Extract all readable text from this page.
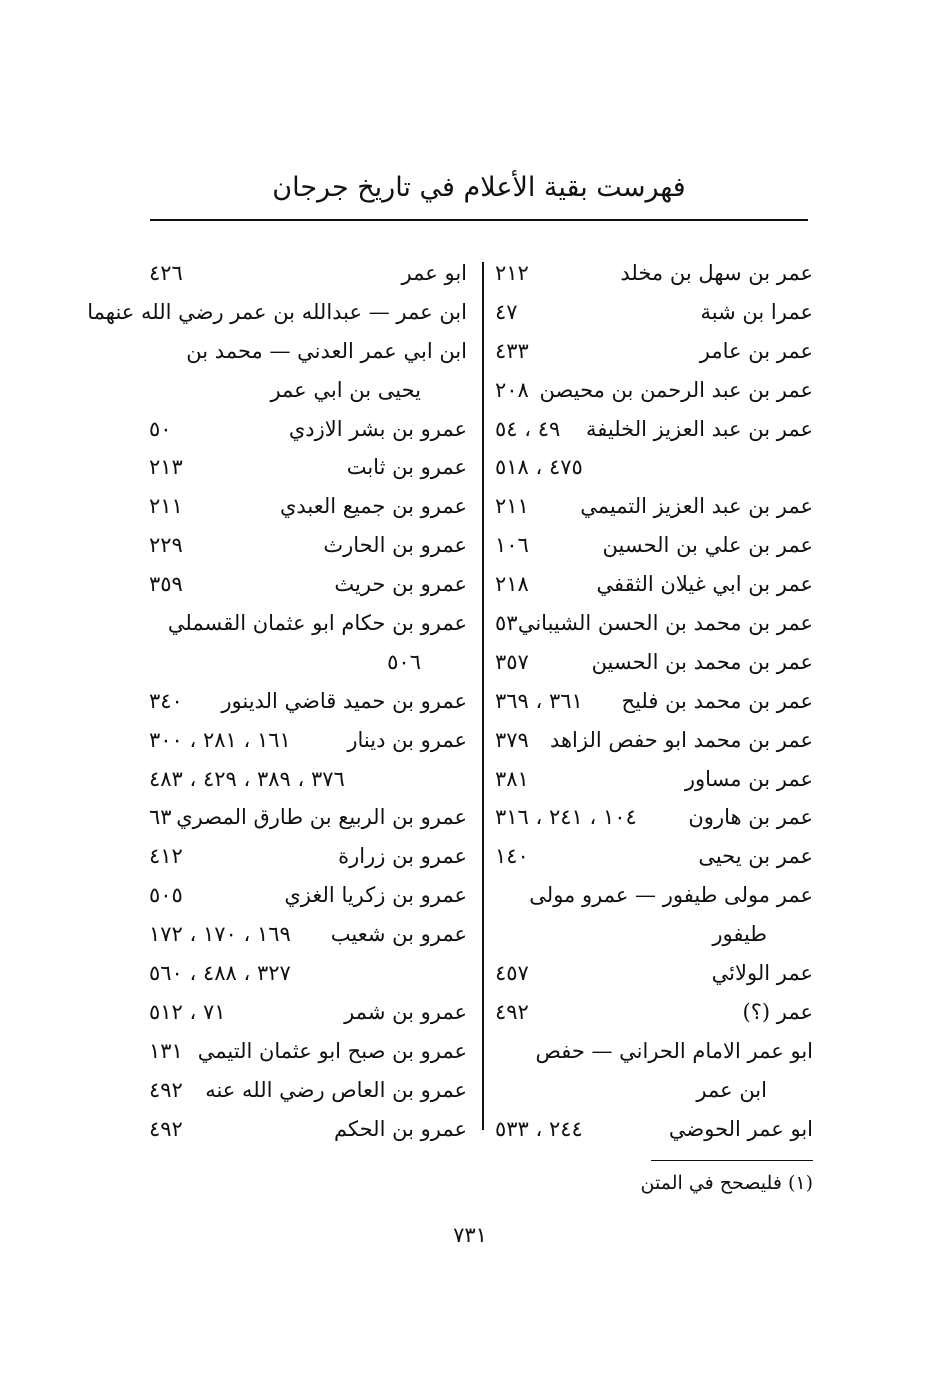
فهرست بقية الأعلام في تاريخ جرجان
عمر بن سهل بن مخلد
٢١٢
عمرا بن شبة
٤٧
عمر بن عامر
٤٣٣
عمر بن عبد الرحمن بن محيصن
٢٠٨
عمر بن عبد العزيز الخليفة
٤٩ ، ٥٤
٤٧٥ ، ٥١٨
عمر بن عبد العزيز التميمي
٢١١
عمر بن علي بن الحسين
١٠٦
عمر بن ابي غيلان الثقفي
٢١٨
عمر بن محمد بن الحسن الشيباني
٥٣
عمر بن محمد بن الحسين
٣٥٧
عمر بن محمد بن فليح
٣٦١ ، ٣٦٩
عمر بن محمد ابو حفص الزاهد
٣٧٩
عمر بن مساور
٣٨١
عمر بن هارون
١٠٤ ، ٢٤١ ، ٣١٦
عمر بن يحيى
١٤٠
عمر مولى طيفور — عمرو مولى
طيفور
عمر الولائي
٤٥٧
عمر (؟)
٤٩٢
ابو عمر الامام الحراني — حفص
ابن عمر
ابو عمر الحوضي
٢٤٤ ، ٥٣٣
ابو عمر
٤٢٦
ابن عمر — عبدالله بن عمر رضي الله عنهما
ابن ابي عمر العدني — محمد بن
يحيى بن ابي عمر
عمرو بن بشر الازدي
٥٠
عمرو بن ثابت
٢١٣
عمرو بن جميع العبدي
٢١١
عمرو بن الحارث
٢٢٩
عمرو بن حريث
٣٥٩
عمرو بن حكام ابو عثمان القسملي
٥٠٦
عمرو بن حميد قاضي الدينور
٣٤٠
عمرو بن دينار
١٦١ ، ٢٨١ ، ٣٠٠
٣٧٦ ، ٣٨٩ ، ٤٢٩ ، ٤٨٣
عمرو بن الربيع بن طارق المصري
٦٣
عمرو بن زرارة
٤١٢
عمرو بن زكريا الغزي
٥٠٥
عمرو بن شعيب
١٦٩ ، ١٧٠ ، ١٧٢
٣٢٧ ، ٤٨٨ ، ٥٦٠
عمرو بن شمر
٧١ ، ٥١٢
عمرو بن صبح ابو عثمان التيمي
١٣١
عمرو بن العاص رضي الله عنه
٤٩٢
عمرو بن الحكم
٤٩٢
(١) فليصحح في المتن
٧٣١
